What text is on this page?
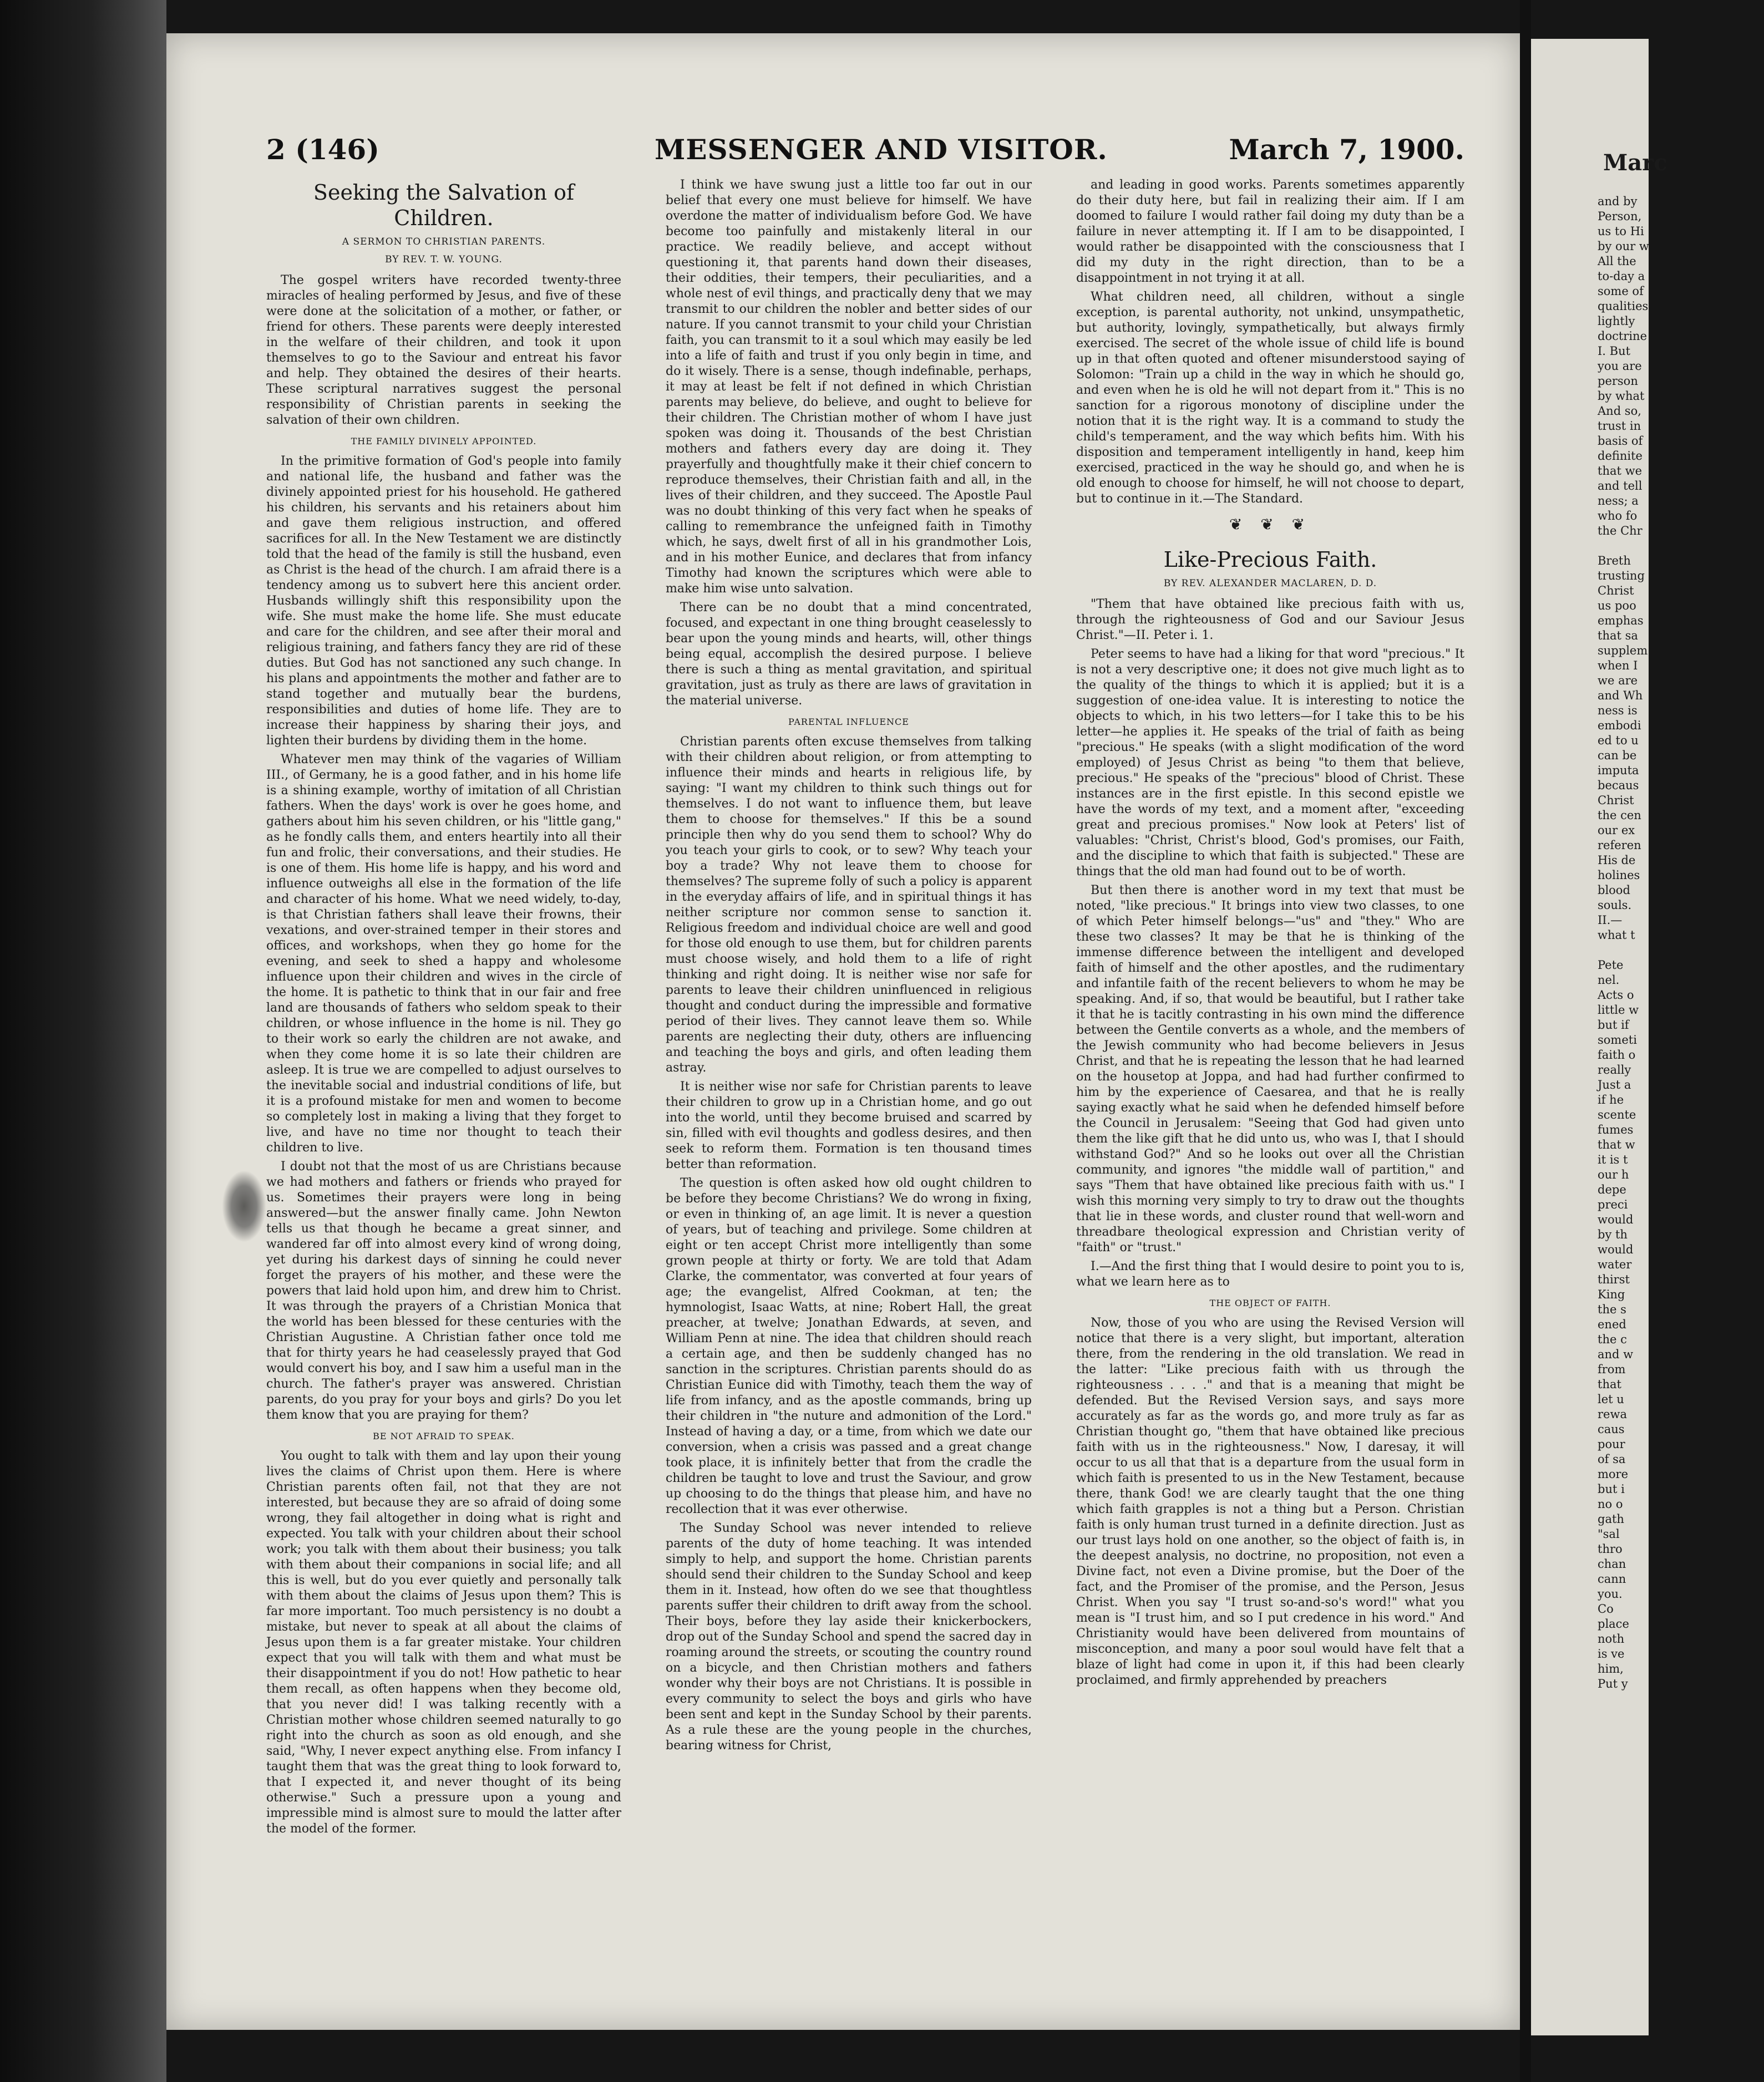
2 (146)	MESSENGER AND VISITOR.	March 7, 1900.
Seeking the Salvation of Children.
A SERMON TO CHRISTIAN PARENTS.
BY REV. T. W. YOUNG.

The gospel writers have recorded twenty-three miracles of healing performed by Jesus, and five of these were done at the solicitation of a mother, or father, or friend for others. These parents were deeply interested in the welfare of their children, and took it upon themselves to go to the Saviour and entreat his favor and help. They obtained the desires of their hearts. These scriptural narratives suggest the personal responsibility of Christian parents in seeking the salvation of their own children.

THE FAMILY DIVINELY APPOINTED.

In the primitive formation of God's people into family and national life, the husband and father was the divinely appointed priest for his household. He gathered his children, his servants and his retainers about him and gave them religious instruction, and offered sacrifices for all. In the New Testament we are distinctly told that the head of the family is still the husband, even as Christ is the head of the church. I am afraid there is a tendency among us to subvert here this ancient order. Husbands willingly shift this responsibility upon the wife. She must make the home life. She must educate and care for the children, and see after their moral and religious training, and fathers fancy they are rid of these duties. But God has not sanctioned any such change. In his plans and appointments the mother and father are to stand together and mutually bear the burdens, responsibilities and duties of home life. They are to increase their happiness by sharing their joys, and lighten their burdens by dividing them in the home.

Whatever men may think of the vagaries of William III., of Germany, he is a good father, and in his home life is a shining example, worthy of imitation of all Christian fathers. When the days' work is over he goes home, and gathers about him his seven children, or his "little gang," as he fondly calls them, and enters heartily into all their fun and frolic, their conversations, and their studies. He is one of them. His home life is happy, and his word and influence outweighs all else in the formation of the life and character of his home. What we need widely, to-day, is that Christian fathers shall leave their frowns, their vexations, and over-strained temper in their stores and offices, and workshops, when they go home for the evening, and seek to shed a happy and wholesome influence upon their children and wives in the circle of the home. It is pathetic to think that in our fair and free land are thousands of fathers who seldom speak to their children, or whose influence in the home is nil. They go to their work so early the children are not awake, and when they come home it is so late their children are asleep. It is true we are compelled to adjust ourselves to the inevitable social and industrial conditions of life, but it is a profound mistake for men and women to become so completely lost in making a living that they forget to live, and have no time nor thought to teach their children to live.

I doubt not that the most of us are Christians because we had mothers and fathers or friends who prayed for us. Sometimes their prayers were long in being answered—but the answer finally came. John Newton tells us that though he became a great sinner, and wandered far off into almost every kind of wrong doing, yet during his darkest days of sinning he could never forget the prayers of his mother, and these were the powers that laid hold upon him, and drew him to Christ. It was through the prayers of a Christian Monica that the world has been blessed for these centuries with the Christian Augustine. A Christian father once told me that for thirty years he had ceaselessly prayed that God would convert his boy, and I saw him a useful man in the church. The father's prayer was answered. Christian parents, do you pray for your boys and girls? Do you let them know that you are praying for them?

BE NOT AFRAID TO SPEAK.

You ought to talk with them and lay upon their young lives the claims of Christ upon them. Here is where Christian parents often fail, not that they are not interested, but because they are so afraid of doing some wrong, they fail altogether in doing what is right and expected. You talk with your children about their school work; you talk with them about their business; you talk with them about their companions in social life; and all this is well, but do you ever quietly and personally talk with them about the claims of Jesus upon them? This is far more important. Too much persistency is no doubt a mistake, but never to speak at all about the claims of Jesus upon them is a far greater mistake. Your children expect that you will talk with them and what must be their disappointment if you do not! How pathetic to hear them recall, as often happens when they become old, that you never did! I was talking recently with a Christian mother whose children seemed naturally to go right into the church as soon as old enough, and she said, "Why, I never expect anything else. From infancy I taught them that was the great thing to look forward to, that I expected it, and never thought of its being otherwise." Such a pressure upon a young and impressible mind is almost sure to mould the latter after the model of the former.

I think we have swung just a little too far out in our belief that every one must believe for himself. We have overdone the matter of individualism before God. We have become too painfully and mistakenly literal in our practice. We readily believe, and accept without questioning it, that parents hand down their diseases, their oddities, their tempers, their peculiarities, and a whole nest of evil things, and practically deny that we may transmit to our children the nobler and better sides of our nature. If you cannot transmit to your child your Christian faith, you can transmit to it a soul which may easily be led into a life of faith and trust if you only begin in time, and do it wisely. There is a sense, though indefinable, perhaps, it may at least be felt if not defined in which Christian parents may believe, do believe, and ought to believe for their children. The Christian mother of whom I have just spoken was doing it. Thousands of the best Christian mothers and fathers every day are doing it. They prayerfully and thoughtfully make it their chief concern to reproduce themselves, their Christian faith and all, in the lives of their children, and they succeed. The Apostle Paul was no doubt thinking of this very fact when he speaks of calling to remembrance the unfeigned faith in Timothy which, he says, dwelt first of all in his grandmother Lois, and in his mother Eunice, and declares that from infancy Timothy had known the scriptures which were able to make him wise unto salvation.

There can be no doubt that a mind concentrated, focused, and expectant in one thing brought ceaselessly to bear upon the young minds and hearts, will, other things being equal, accomplish the desired purpose. I believe there is such a thing as mental gravitation, and spiritual gravitation, just as truly as there are laws of gravitation in the material universe.

PARENTAL INFLUENCE

Christian parents often excuse themselves from talking with their children about religion, or from attempting to influence their minds and hearts in religious life, by saying: "I want my children to think such things out for themselves. I do not want to influence them, but leave them to choose for themselves." If this be a sound principle then why do you send them to school? Why do you teach your girls to cook, or to sew? Why teach your boy a trade? Why not leave them to choose for themselves? The supreme folly of such a policy is apparent in the everyday affairs of life, and in spiritual things it has neither scripture nor common sense to sanction it. Religious freedom and individual choice are well and good for those old enough to use them, but for children parents must choose wisely, and hold them to a life of right thinking and right doing. It is neither wise nor safe for parents to leave their children uninfluenced in religious thought and conduct during the impressible and formative period of their lives. They cannot leave them so. While parents are neglecting their duty, others are influencing and teaching the boys and girls, and often leading them astray.

It is neither wise nor safe for Christian parents to leave their children to grow up in a Christian home, and go out into the world, until they become bruised and scarred by sin, filled with evil thoughts and godless desires, and then seek to reform them. Formation is ten thousand times better than reformation.

The question is often asked how old ought children to be before they become Christians? We do wrong in fixing, or even in thinking of, an age limit. It is never a question of years, but of teaching and privilege. Some children at eight or ten accept Christ more intelligently than some grown people at thirty or forty. We are told that Adam Clarke, the commentator, was converted at four years of age; the evangelist, Alfred Cookman, at ten; the hymnologist, Isaac Watts, at nine; Robert Hall, the great preacher, at twelve; Jonathan Edwards, at seven, and William Penn at nine. The idea that children should reach a certain age, and then be suddenly changed has no sanction in the scriptures. Christian parents should do as Christian Eunice did with Timothy, teach them the way of life from infancy, and as the apostle commands, bring up their children in "the nuture and admonition of the Lord." Instead of having a day, or a time, from which we date our conversion, when a crisis was passed and a great change took place, it is infinitely better that from the cradle the children be taught to love and trust the Saviour, and grow up choosing to do the things that please him, and have no recollection that it was ever otherwise.

The Sunday School was never intended to relieve parents of the duty of home teaching. It was intended simply to help, and support the home. Christian parents should send their children to the Sunday School and keep them in it. Instead, how often do we see that thoughtless parents suffer their children to drift away from the school. Their boys, before they lay aside their knickerbockers, drop out of the Sunday School and spend the sacred day in roaming around the streets, or scouting the country round on a bicycle, and then Christian mothers and fathers wonder why their boys are not Christians. It is possible in every community to select the boys and girls who have been sent and kept in the Sunday School by their parents. As a rule these are the young people in the churches, bearing witness for Christ,

and leading in good works. Parents sometimes apparently do their duty here, but fail in realizing their aim. If I am doomed to failure I would rather fail doing my duty than be a failure in never attempting it. If I am to be disappointed, I would rather be disappointed with the consciousness that I did my duty in the right direction, than to be a disappointment in not trying it at all.

What children need, all children, without a single exception, is parental authority, not unkind, unsympathetic, but authority, lovingly, sympathetically, but always firmly exercised. The secret of the whole issue of child life is bound up in that often quoted and oftener misunderstood saying of Solomon: "Train up a child in the way in which he should go, and even when he is old he will not depart from it." This is no sanction for a rigorous monotony of discipline under the notion that it is the right way. It is a command to study the child's temperament, and the way which befits him. With his disposition and temperament intelligently in hand, keep him exercised, practiced in the way he should go, and when he is old enough to choose for himself, he will not choose to depart, but to continue in it.—The Standard.

❦ ❦ ❦
Like-Precious Faith.
BY REV. ALEXANDER MACLAREN, D. D.

"Them that have obtained like precious faith with us, through the righteousness of God and our Saviour Jesus Christ."—II. Peter i. 1.

Peter seems to have had a liking for that word "precious." It is not a very descriptive one; it does not give much light as to the quality of the things to which it is applied; but it is a suggestion of one-idea value. It is interesting to notice the objects to which, in his two letters—for I take this to be his letter—he applies it. He speaks of the trial of faith as being "precious." He speaks (with a slight modification of the word employed) of Jesus Christ as being "to them that believe, precious." He speaks of the "precious" blood of Christ. These instances are in the first epistle. In this second epistle we have the words of my text, and a moment after, "exceeding great and precious promises." Now look at Peters' list of valuables: "Christ, Christ's blood, God's promises, our Faith, and the discipline to which that faith is subjected." These are things that the old man had found out to be of worth.

But then there is another word in my text that must be noted, "like precious." It brings into view two classes, to one of which Peter himself belongs—"us" and "they." Who are these two classes? It may be that he is thinking of the immense difference between the intelligent and developed faith of himself and the other apostles, and the rudimentary and infantile faith of the recent believers to whom he may be speaking. And, if so, that would be beautiful, but I rather take it that he is tacitly contrasting in his own mind the difference between the Gentile converts as a whole, and the members of the Jewish community who had become believers in Jesus Christ, and that he is repeating the lesson that he had learned on the housetop at Joppa, and had had further confirmed to him by the experience of Caesarea, and that he is really saying exactly what he said when he defended himself before the Council in Jerusalem: "Seeing that God had given unto them the like gift that he did unto us, who was I, that I should withstand God?" And so he looks out over all the Christian community, and ignores "the middle wall of partition," and says "Them that have obtained like precious faith with us." I wish this morning very simply to try to draw out the thoughts that lie in these words, and cluster round that well-worn and threadbare theological expression and Christian verity of "faith" or "trust."

I.—And the first thing that I would desire to point you to is, what we learn here as to

THE OBJECT OF FAITH.

Now, those of you who are using the Revised Version will notice that there is a very slight, but important, alteration there, from the rendering in the old translation. We read in the latter: "Like precious faith with us through the righteousness . . . ." and that is a meaning that might be defended. But the Revised Version says, and says more accurately as far as the words go, and more truly as far as Christian thought go, "them that have obtained like precious faith with us in the righteousness." Now, I daresay, it will occur to us all that that is a departure from the usual form in which faith is presented to us in the New Testament, because there, thank God! we are clearly taught that the one thing which faith grapples is not a thing but a Person. Christian faith is only human trust turned in a definite direction. Just as our trust lays hold on one another, so the object of faith is, in the deepest analysis, no doctrine, no proposition, not even a Divine fact, not even a Divine promise, but the Doer of the fact, and the Promiser of the promise, and the Person, Jesus Christ. When you say "I trust so-and-so's word!" what you mean is "I trust him, and so I put credence in his word." And Christianity would have been delivered from mountains of misconception, and many a poor soul would have felt that a blaze of light had come in upon it, if this had been clearly proclaimed, and firmly apprehended by preachers

Marc
and by
Person,
us to Hi
by our w
All the
to-day a
some of
qualities
lightly
doctrine
I. But
you are
person
by what
And so,
trust in
basis of
definite
that we
and tell
ness; a
who fo
the Chr

Breth
trusting
Christ
us poo
emphas
that sa
supplem
when I
we are
and Wh
ness is
embodi
ed to u
can be
imputa
becaus
Christ
the cen
our ex
referen
His de
holines
blood
souls.
II.—
what t

Pete
nel.
Acts o
little w
but if
someti
faith o
really
Just a
if he
scente
fumes
that w
it is t
our h
depe
preci
would
by th
would
water
thirst
King
the s
ened
the c
and w
from
that
let u
rewa
caus
pour
of sa
more
but i
no o
gath
"sal
thro
chan
cann
you.
Co
place
noth
is ve
him,
Put y
